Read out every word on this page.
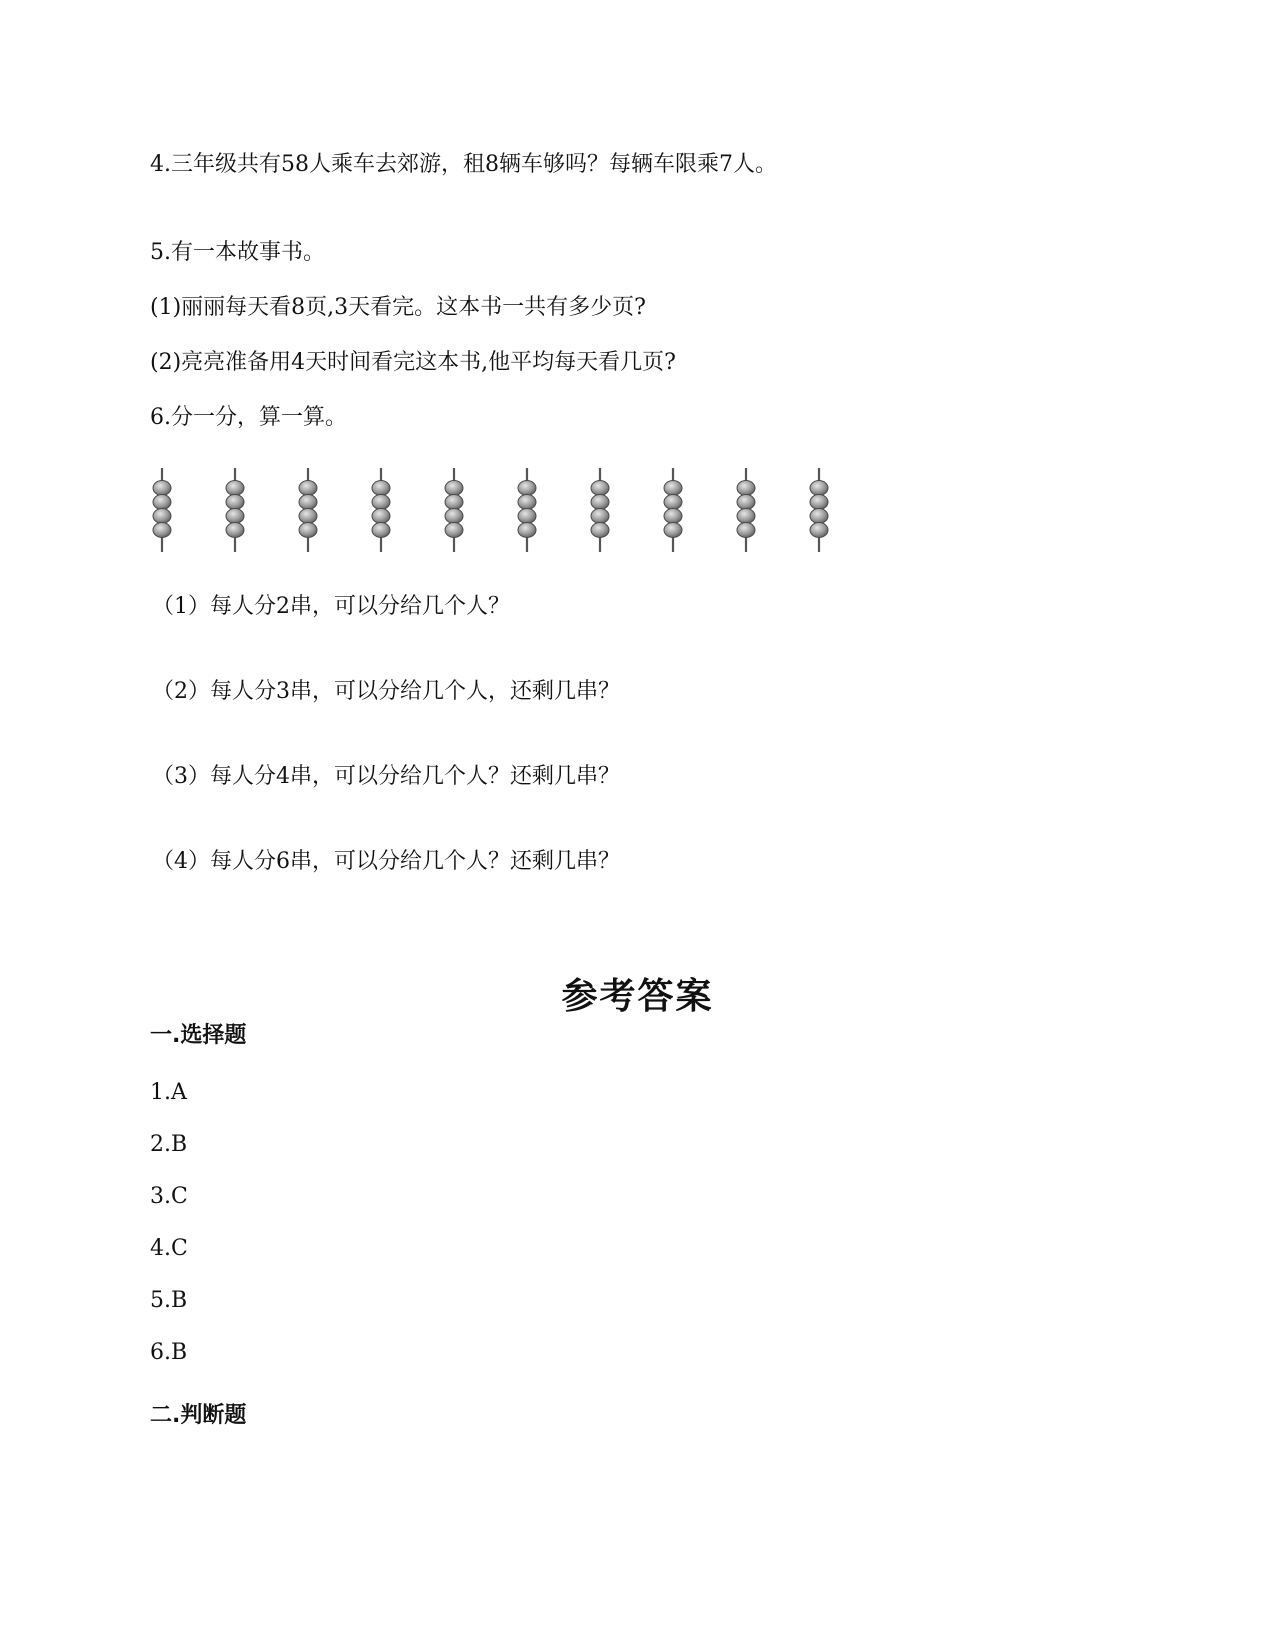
4.三年级共有58人乘车去郊游，租8辆车够吗？每辆车限乘7人。
5.有一本故事书。
(1)丽丽每天看8页,3天看完。这本书一共有多少页?
(2)亮亮准备用4天时间看完这本书,他平均每天看几页?
6.分一分，算一算。
（1）每人分2串，可以分给几个人？
（2）每人分3串，可以分给几个人，还剩几串？
（3）每人分4串，可以分给几个人？还剩几串？
（4）每人分6串，可以分给几个人？还剩几串？
参考答案
一.选择题
1.A
2.B
3.C
4.C
5.B
6.B
二.判断题
